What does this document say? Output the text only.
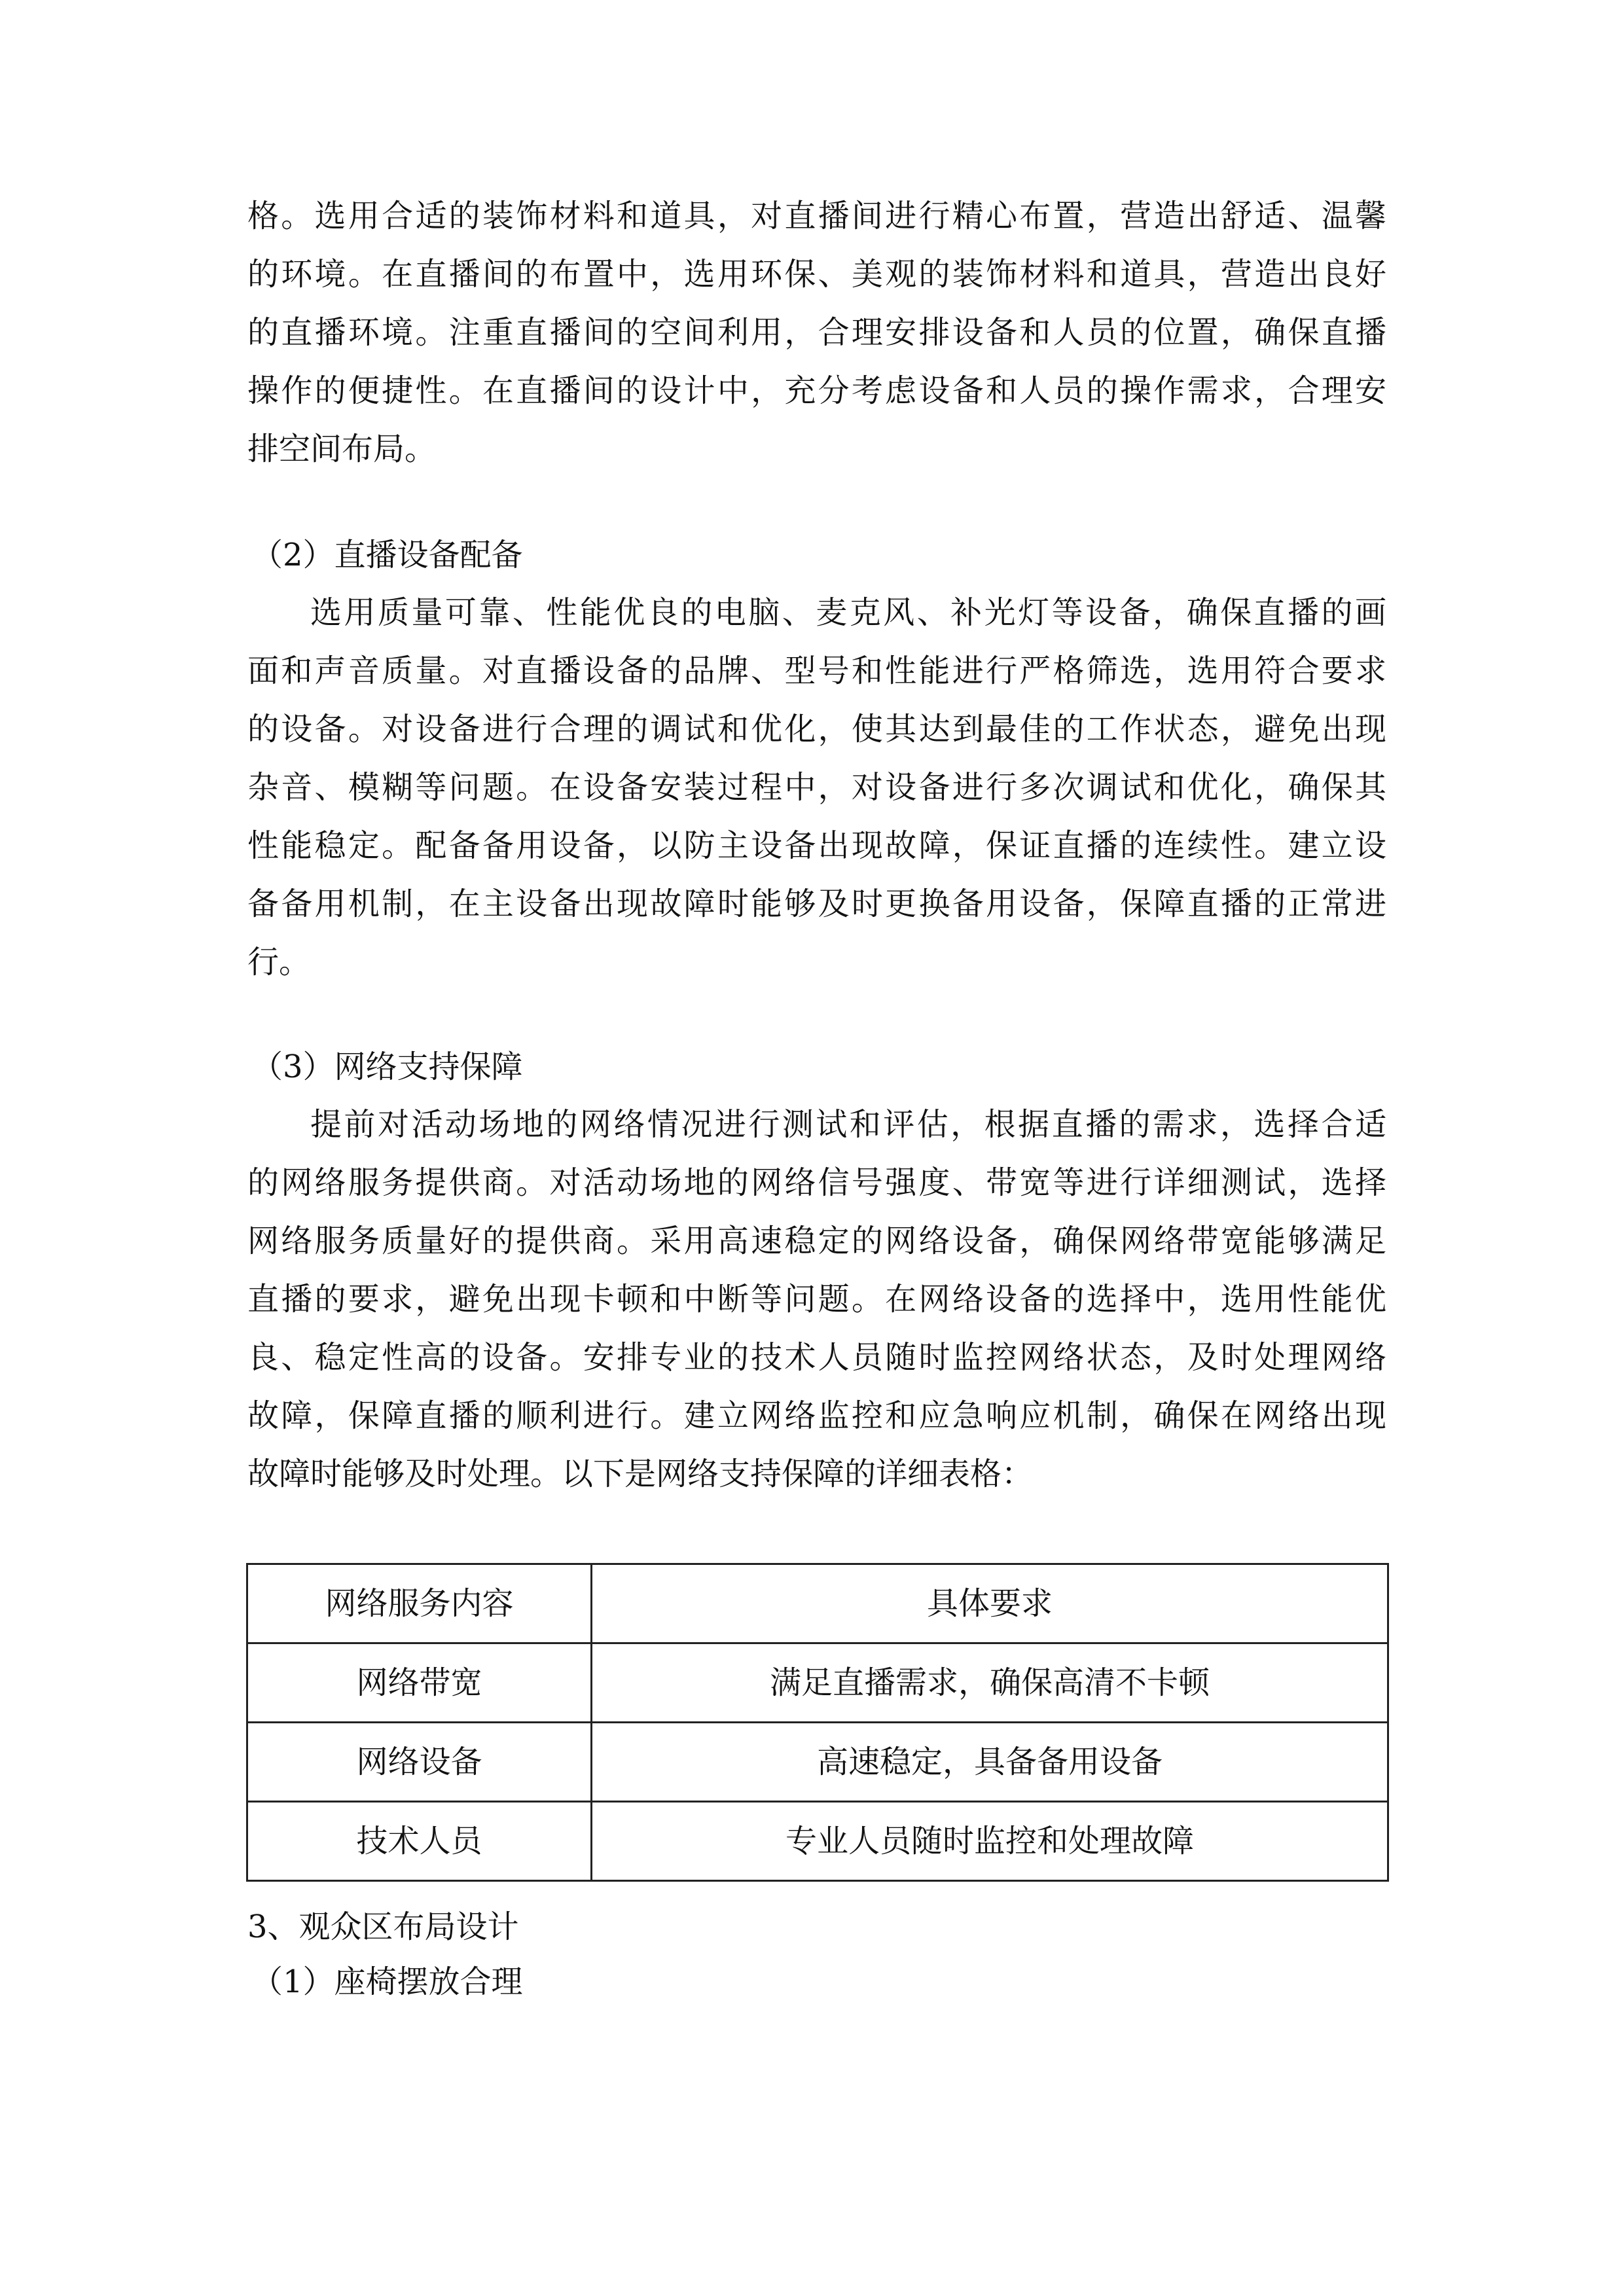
格。选用合适的装饰材料和道具，对直播间进行精心布置，营造出舒适、温馨
的环境。在直播间的布置中，选用环保、美观的装饰材料和道具，营造出良好
的直播环境。注重直播间的空间利用，合理安排设备和人员的位置，确保直播
操作的便捷性。在直播间的设计中，充分考虑设备和人员的操作需求，合理安
排空间布局。
（2）直播设备配备
选用质量可靠、性能优良的电脑、麦克风、补光灯等设备，确保直播的画
面和声音质量。对直播设备的品牌、型号和性能进行严格筛选，选用符合要求
的设备。对设备进行合理的调试和优化，使其达到最佳的工作状态，避免出现
杂音、模糊等问题。在设备安装过程中，对设备进行多次调试和优化，确保其
性能稳定。配备备用设备，以防主设备出现故障，保证直播的连续性。建立设
备备用机制，在主设备出现故障时能够及时更换备用设备，保障直播的正常进
行。
（3）网络支持保障
提前对活动场地的网络情况进行测试和评估，根据直播的需求，选择合适
的网络服务提供商。对活动场地的网络信号强度、带宽等进行详细测试，选择
网络服务质量好的提供商。采用高速稳定的网络设备，确保网络带宽能够满足
直播的要求，避免出现卡顿和中断等问题。在网络设备的选择中，选用性能优
良、稳定性高的设备。安排专业的技术人员随时监控网络状态，及时处理网络
故障，保障直播的顺利进行。建立网络监控和应急响应机制，确保在网络出现
故障时能够及时处理。以下是网络支持保障的详细表格：
网络服务内容	具体要求
网络带宽	满足直播需求，确保高清不卡顿
网络设备	高速稳定，具备备用设备
技术人员	专业人员随时监控和处理故障
3、观众区布局设计
（1）座椅摆放合理
